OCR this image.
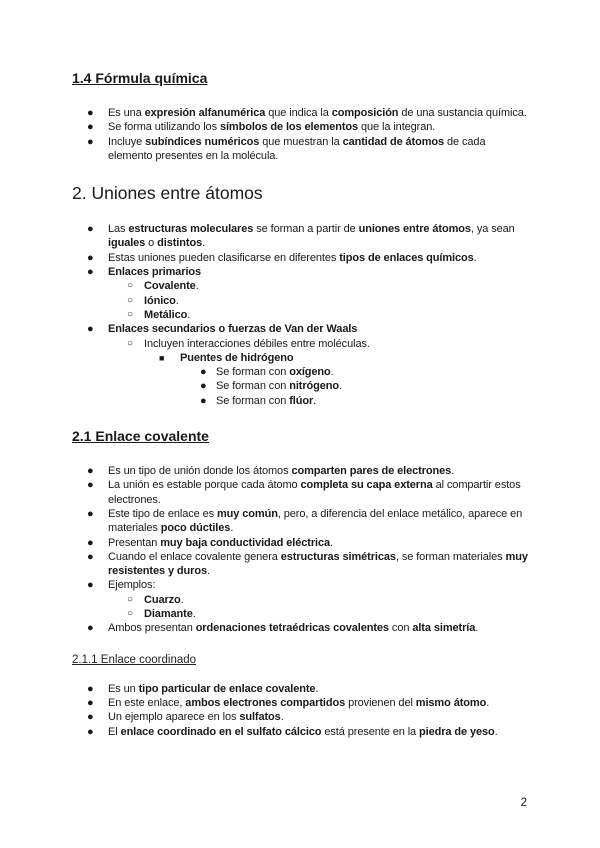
1.4 Fórmula química
● Es una expresión alfanumérica que indica la composición de una sustancia química.
● Se forma utilizando los símbolos de los elementos que la integran.
● Incluye subíndices numéricos que muestran la cantidad de átomos de cada elemento presentes en la molécula.
2. Uniones entre átomos
● Las estructuras moleculares se forman a partir de uniones entre átomos, ya sean iguales o distintos.
● Estas uniones pueden clasificarse en diferentes tipos de enlaces químicos.
● Enlaces primarios
○ Covalente.
○ Iónico.
○ Metálico.
● Enlaces secundarios o fuerzas de Van der Waals
○ Incluyen interacciones débiles entre moléculas.
■ Puentes de hidrógeno
● Se forman con oxígeno.
● Se forman con nitrógeno.
● Se forman con flúor.
2.1 Enlace covalente
● Es un tipo de unión donde los átomos comparten pares de electrones.
● La unión es estable porque cada átomo completa su capa externa al compartir estos electrones.
● Este tipo de enlace es muy común, pero, a diferencia del enlace metálico, aparece en materiales poco dúctiles.
● Presentan muy baja conductividad eléctrica.
● Cuando el enlace covalente genera estructuras simétricas, se forman materiales muy resistentes y duros.
● Ejemplos:
○ Cuarzo.
○ Diamante.
● Ambos presentan ordenaciones tetraédricas covalentes con alta simetría.
2.1.1 Enlace coordinado
● Es un tipo particular de enlace covalente.
● En este enlace, ambos electrones compartidos provienen del mismo átomo.
● Un ejemplo aparece en los sulfatos.
● El enlace coordinado en el sulfato cálcico está presente en la piedra de yeso.
2
